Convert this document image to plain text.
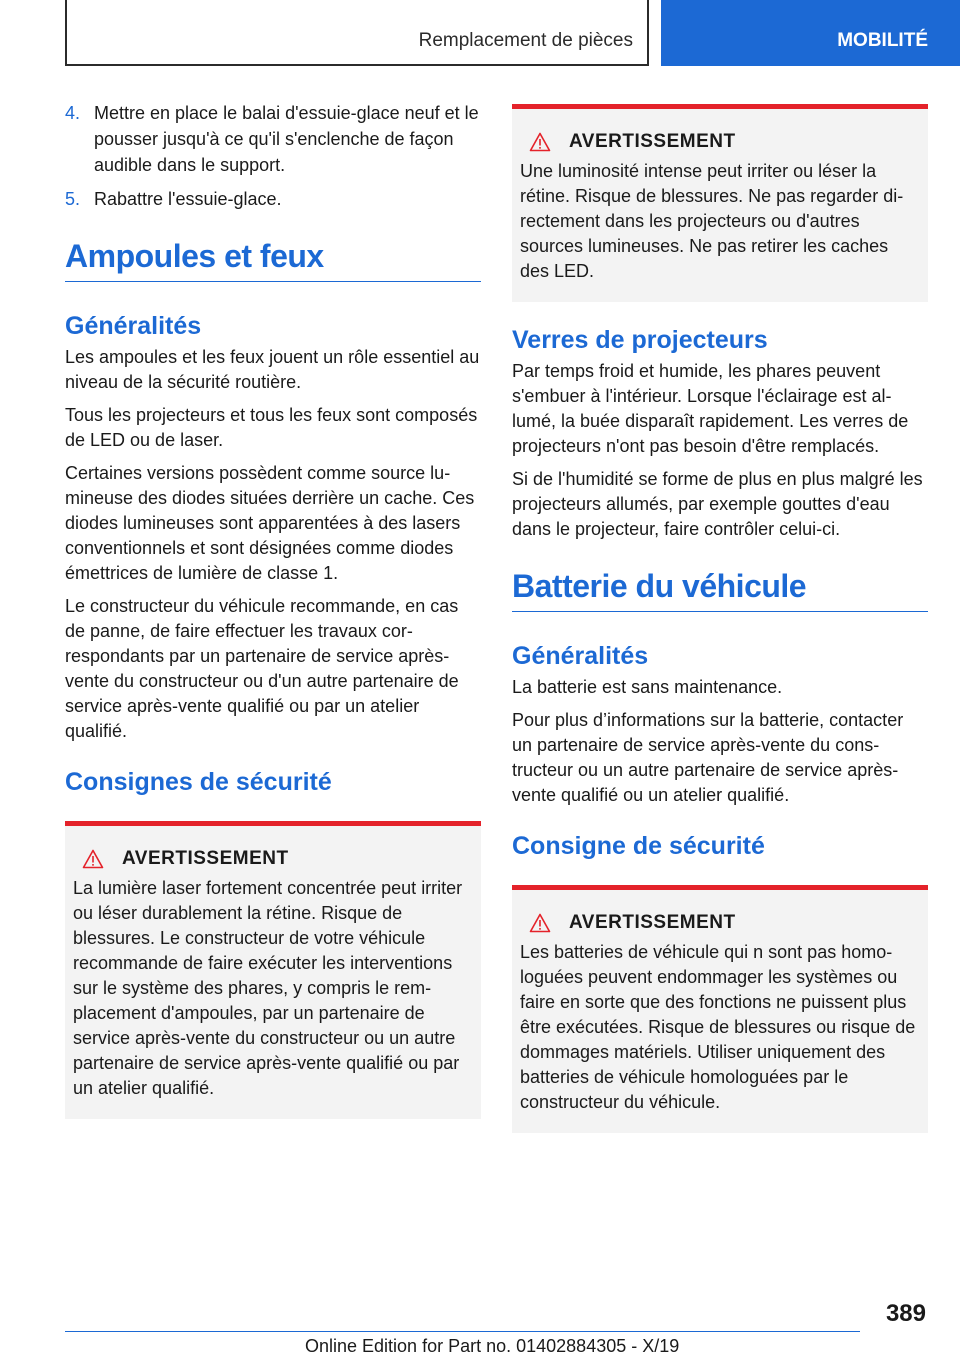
Remplacement de pièces	MOBILITÉ
4. Mettre en place le balai d'essuie-glace neuf et le pousser jusqu'à ce qu'il s'enclenche de façon audible dans le support.
5. Rabattre l'essuie-glace.
Ampoules et feux
Généralités

Les ampoules et les feux jouent un rôle essentiel au niveau de la sécurité routière.

Tous les projecteurs et tous les feux sont composés de LED ou de laser.

Certaines versions possèdent comme source lumineuse des diodes situées derrière un cache. Ces diodes lumineuses sont apparentées à des lasers conventionnels et sont désignées comme diodes émettrices de lumière de classe 1.

Le constructeur du véhicule recommande, en cas de panne, de faire effectuer les travaux correspondants par un partenaire de service après-vente du constructeur ou d'un autre partenaire de service après-vente qualifié ou par un atelier qualifié.

Consignes de sécurité
AVERTISSEMENT

La lumière laser fortement concentrée peut irriter ou léser durablement la rétine. Risque de blessures. Le constructeur de votre véhicule recommande de faire exécuter les interventions sur le système des phares, y compris le remplacement d'ampoules, par un partenaire de service après-vente du constructeur ou un autre partenaire de service après-vente qualifié ou par un atelier qualifié.

AVERTISSEMENT

Une luminosité intense peut irriter ou léser la rétine. Risque de blessures. Ne pas regarder directement dans les projecteurs ou d'autres sources lumineuses. Ne pas retirer les caches des LED.

Verres de projecteurs

Par temps froid et humide, les phares peuvent s'embuer à l'intérieur. Lorsque l'éclairage est allumé, la buée disparaît rapidement. Les verres de projecteurs n'ont pas besoin d'être remplacés.

Si de l'humidité se forme de plus en plus malgré les projecteurs allumés, par exemple gouttes d'eau dans le projecteur, faire contrôler celui-ci.

Batterie du véhicule
Généralités

La batterie est sans maintenance.

Pour plus d’informations sur la batterie, contacter un partenaire de service après-vente du constructeur ou un autre partenaire de service après-vente qualifié ou un atelier qualifié.

Consigne de sécurité
AVERTISSEMENT

Les batteries de véhicule qui n sont pas homologuées peuvent endommager les systèmes ou faire en sorte que des fonctions ne puissent plus être exécutées. Risque de blessures ou risque de dommages matériels. Utiliser uniquement des batteries de véhicule homologuées par le constructeur du véhicule.

389
Online Edition for Part no. 01402884305 - X/19
